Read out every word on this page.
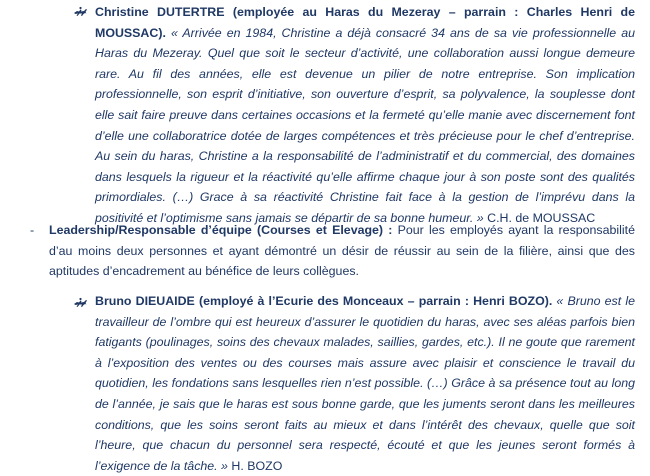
Christine DUTERTRE (employée au Haras du Mezeray – parrain : Charles Henri de MOUSSAC). « Arrivée en 1984, Christine a déjà consacré 34 ans de sa vie professionnelle au Haras du Mezeray. Quel que soit le secteur d’activité, une collaboration aussi longue demeure rare. Au fil des années, elle est devenue un pilier de notre entreprise. Son implication professionnelle, son esprit d’initiative, son ouverture d’esprit, sa polyvalence, la souplesse dont elle sait faire preuve dans certaines occasions et la fermeté qu’elle manie avec discernement font d’elle une collaboratrice dotée de larges compétences et très précieuse pour le chef d’entreprise. Au sein du haras, Christine a la responsabilité de l’administratif et du commercial, des domaines dans lesquels la rigueur et la réactivité qu’elle affirme chaque jour à son poste sont des qualités primordiales. (…) Grace à sa réactivité Christine fait face à la gestion de l’imprévu dans la positivité et l’optimisme sans jamais se départir de sa bonne humeur. » C.H. de MOUSSAC

- Leadership/Responsable d’équipe (Courses et Elevage) : Pour les employés ayant la responsabilité d’au moins deux personnes et ayant démontré un désir de réussir au sein de la filière, ainsi que des aptitudes d’encadrement au bénéfice de leurs collègues.

Bruno DIEUAIDE (employé à l’Ecurie des Monceaux – parrain : Henri BOZO). « Bruno est le travailleur de l’ombre qui est heureux d’assurer le quotidien du haras, avec ses aléas parfois bien fatigants (poulinages, soins des chevaux malades, saillies, gardes, etc.). Il ne goute que rarement à l’exposition des ventes ou des courses mais assure avec plaisir et conscience le travail du quotidien, les fondations sans lesquelles rien n’est possible. (…) Grâce à sa présence tout au long de l’année, je sais que le haras est sous bonne garde, que les juments seront dans les meilleures conditions, que les soins seront faits au mieux et dans l’intérêt des chevaux, quelle que soit l’heure, que chacun du personnel sera respecté, écouté et que les jeunes seront formés à l’exigence de la tâche. » H. BOZO
